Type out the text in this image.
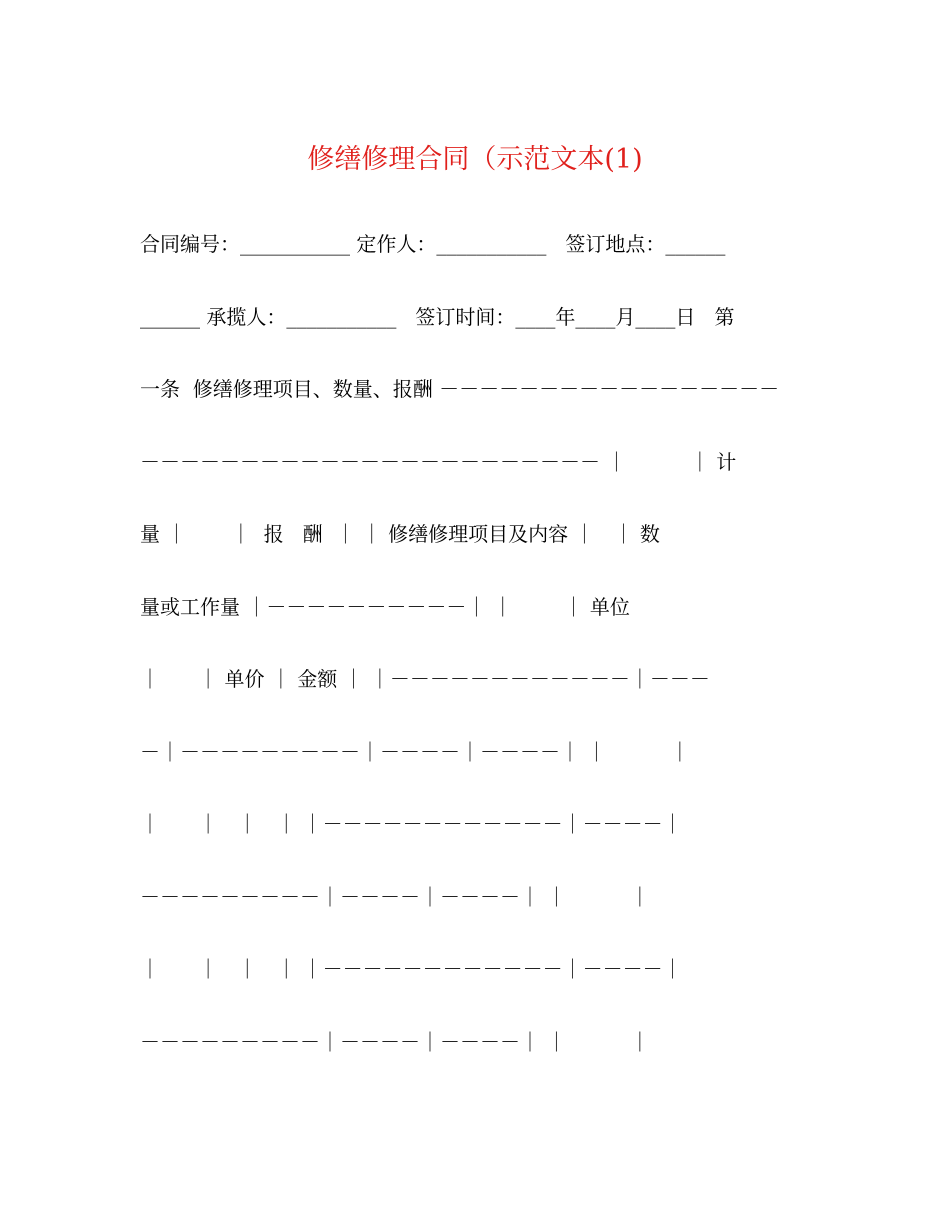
修缮修理合同（示范文本(1)
合同编号：___________ 定作人：___________   签订地点：______
______ 承揽人：___________   签订时间：____年____月____日   第
一条  修缮修理项目、数量、报酬 －－－－－－－－－－－－－－－－－
－－－－－－－－－－－－－－－－－－－－－－－ ｜          ｜ 计
量 ｜       ｜  报   酬  ｜ ｜ 修缮修理项目及内容 ｜   ｜ 数
量或工作量 ｜－－－－－－－－－－｜ ｜        ｜ 单位
｜      ｜ 单价 ｜ 金额 ｜ ｜－－－－－－－－－－－－｜－－－
－｜－－－－－－－－－｜－－－－｜－－－－｜ ｜          ｜
｜      ｜   ｜   ｜ ｜－－－－－－－－－－－－｜－－－－｜
－－－－－－－－－｜－－－－｜－－－－｜ ｜          ｜
｜      ｜   ｜   ｜ ｜－－－－－－－－－－－－｜－－－－｜
－－－－－－－－－｜－－－－｜－－－－｜ ｜          ｜
